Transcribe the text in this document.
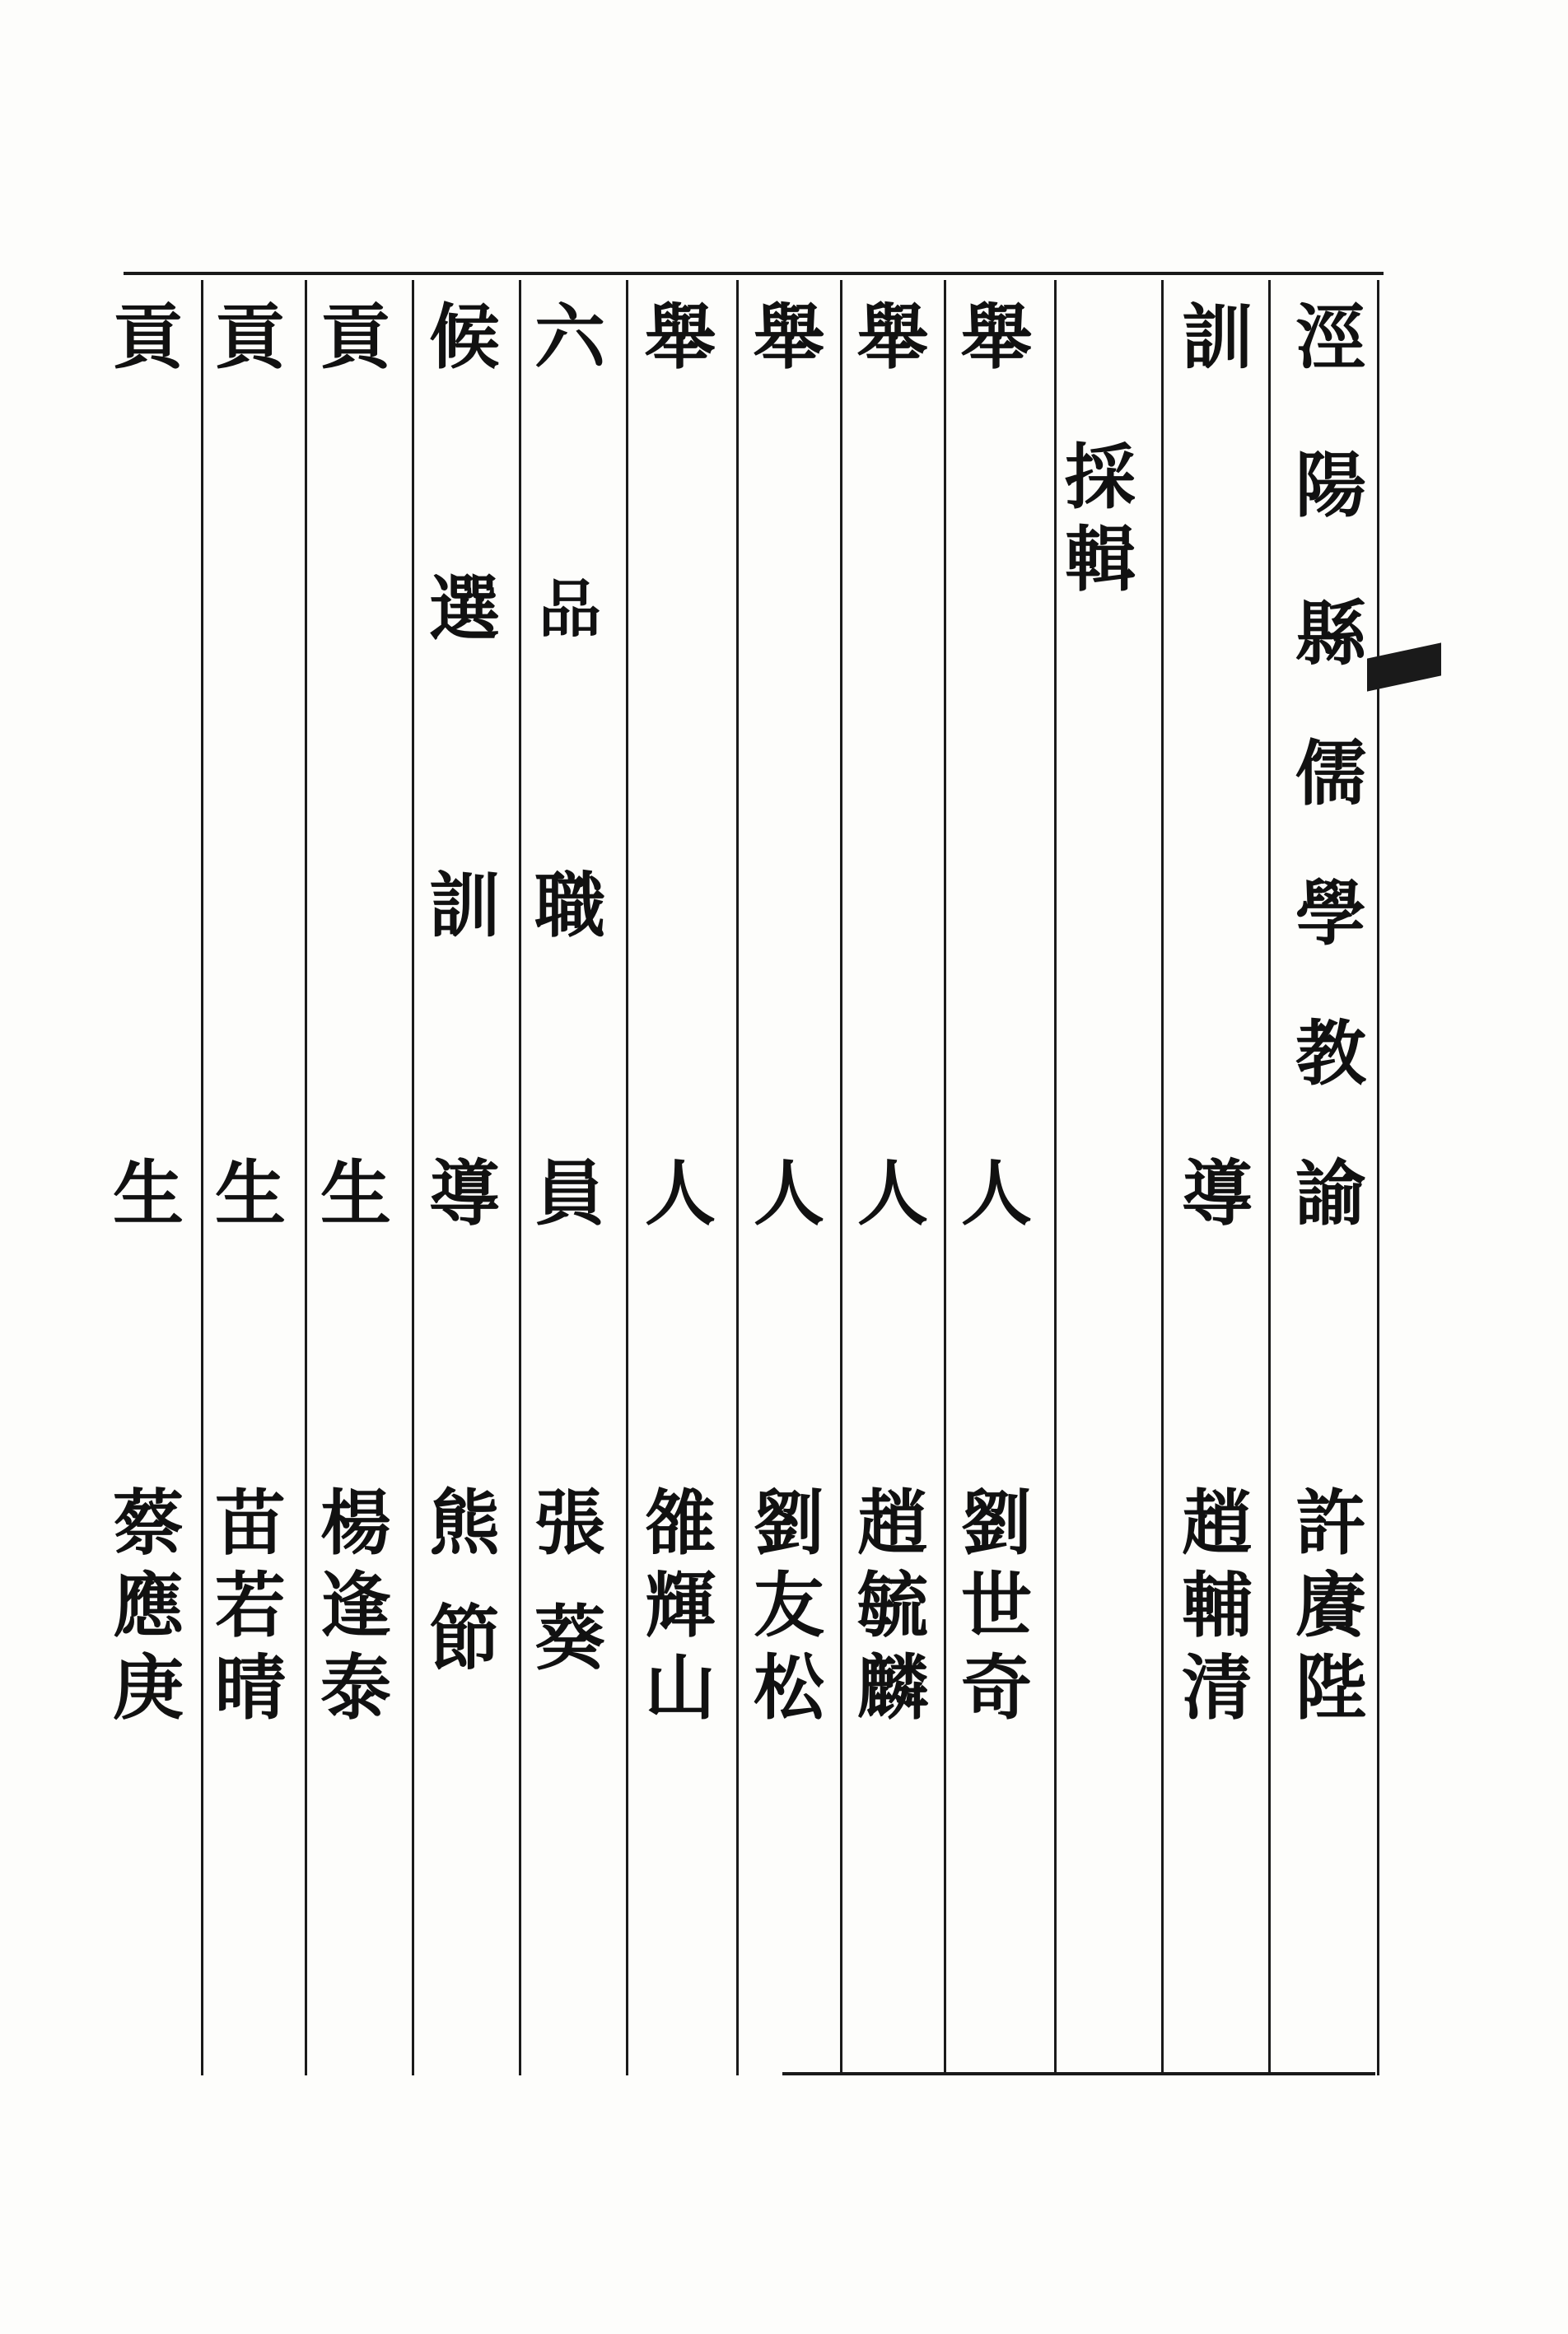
涇
陽
縣
儒
學
教
諭
許
賡
陛
訓
導
趙
輔
清
採
輯
舉
人
劉
世
奇
舉
人
趙
毓
麟
舉
人
劉
友
松
舉
人
雒
輝
山
六
品
職
員
張
葵
候
選
訓
導
熊
節
貢
生
楊
逢
泰
貢
生
苗
若
晴
貢
生
蔡
應
庚
